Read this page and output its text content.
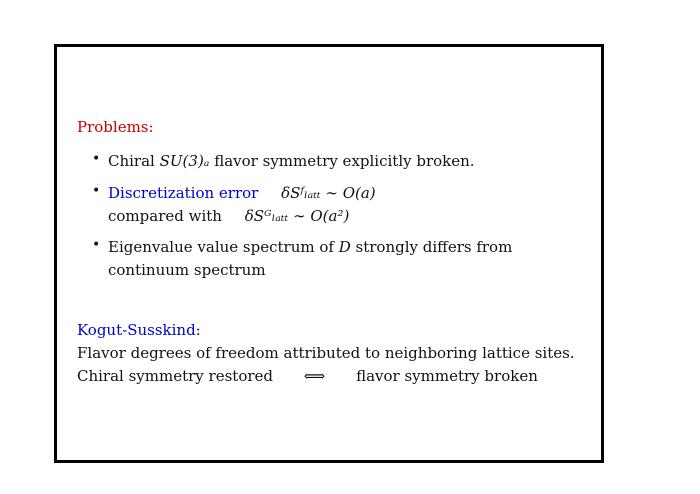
Problems:
• Chiral SU(3)ₐ flavor symmetry explicitly broken.
• Discretization error δSᶠₗₐₜₜ ∼ O(a)
compared with δSᴳₗₐₜₜ ∼ O(a²)
• Eigenvalue value spectrum of D strongly differs from
continuum spectrum
Kogut-Susskind:
Flavor degrees of freedom attributed to neighboring lattice sites.
Chiral symmetry restored ⟺ flavor symmetry broken
